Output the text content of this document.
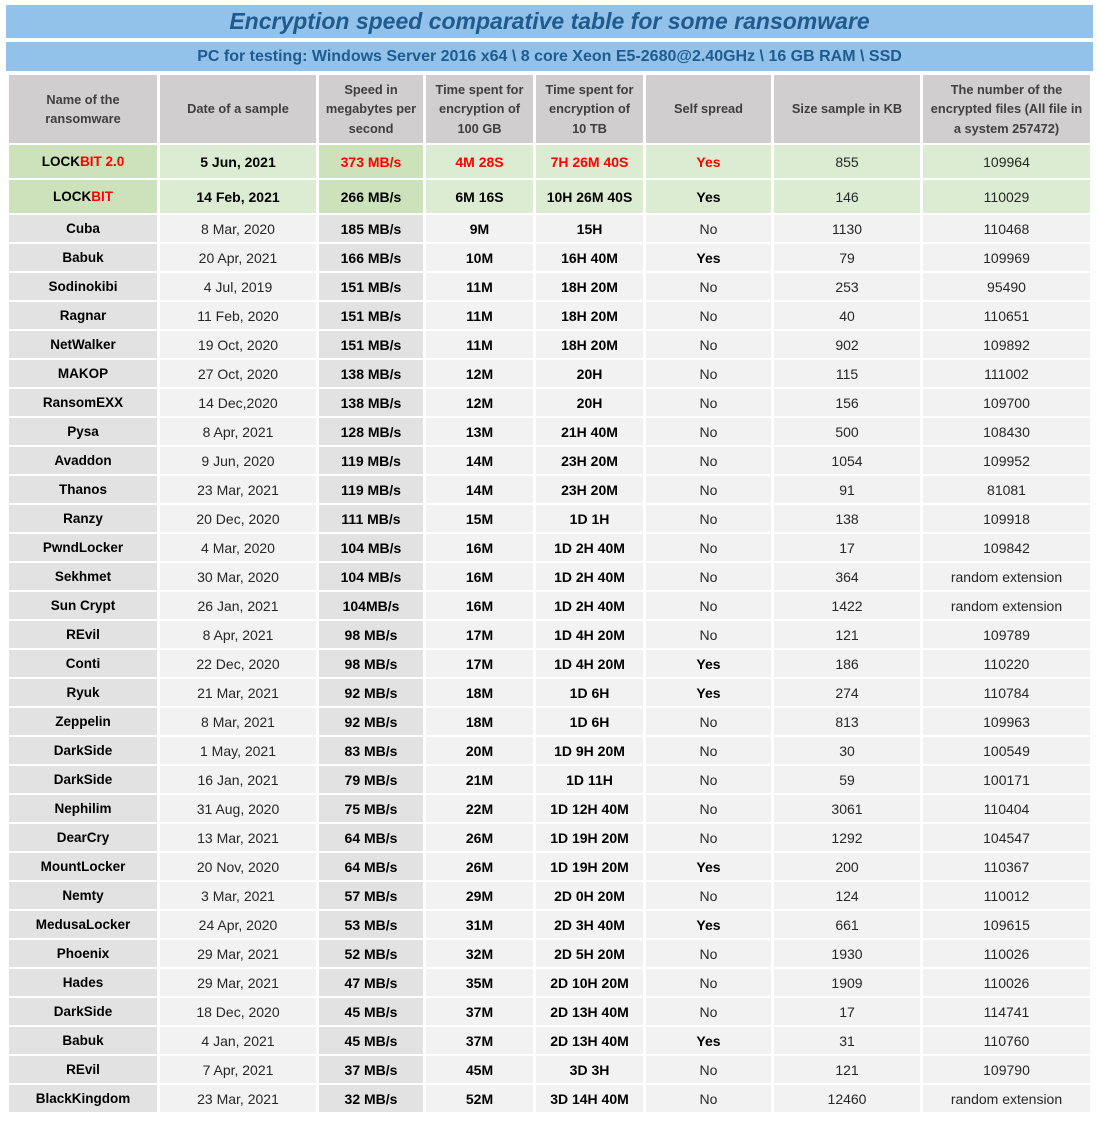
Encryption speed comparative table for some ransomware
PC for testing: Windows Server 2016 x64 \ 8 core Xeon E5-2680@2.40GHz \ 16 GB RAM \ SSD
Name of the ransomware	Date of a sample	Speed in megabytes per second	Time spent for encryption of 100 GB	Time spent for encryption of 10 TB	Self spread	Size sample in KB	The number of the encrypted files (All file in a system 257472)
LOCKBIT 2.0	5 Jun, 2021	373 MB/s	4M 28S	7H 26M 40S	Yes	855	109964
LOCKBIT	14 Feb, 2021	266 MB/s	6M 16S	10H 26M 40S	Yes	146	110029
Cuba	8 Mar, 2020	185 MB/s	9M	15H	No	1130	110468
Babuk	20 Apr, 2021	166 MB/s	10M	16H 40M	Yes	79	109969
Sodinokibi	4 Jul, 2019	151 MB/s	11M	18H 20M	No	253	95490
Ragnar	11 Feb, 2020	151 MB/s	11M	18H 20M	No	40	110651
NetWalker	19 Oct, 2020	151 MB/s	11M	18H 20M	No	902	109892
MAKOP	27 Oct, 2020	138 MB/s	12M	20H	No	115	111002
RansomEXX	14 Dec,2020	138 MB/s	12M	20H	No	156	109700
Pysa	8 Apr, 2021	128 MB/s	13M	21H 40M	No	500	108430
Avaddon	9 Jun, 2020	119 MB/s	14M	23H 20M	No	1054	109952
Thanos	23 Mar, 2021	119 MB/s	14M	23H 20M	No	91	81081
Ranzy	20 Dec, 2020	111 MB/s	15M	1D 1H	No	138	109918
PwndLocker	4 Mar, 2020	104 MB/s	16M	1D 2H 40M	No	17	109842
Sekhmet	30 Mar, 2020	104 MB/s	16M	1D 2H 40M	No	364	random extension
Sun Crypt	26 Jan, 2021	104MB/s	16M	1D 2H 40M	No	1422	random extension
REvil	8 Apr, 2021	98 MB/s	17M	1D 4H 20M	No	121	109789
Conti	22 Dec, 2020	98 MB/s	17M	1D 4H 20M	Yes	186	110220
Ryuk	21 Mar, 2021	92 MB/s	18M	1D 6H	Yes	274	110784
Zeppelin	8 Mar, 2021	92 MB/s	18M	1D 6H	No	813	109963
DarkSide	1 May, 2021	83 MB/s	20M	1D 9H 20M	No	30	100549
DarkSide	16 Jan, 2021	79 MB/s	21M	1D 11H	No	59	100171
Nephilim	31 Aug, 2020	75 MB/s	22M	1D 12H 40M	No	3061	110404
DearCry	13 Mar, 2021	64 MB/s	26M	1D 19H 20M	No	1292	104547
MountLocker	20 Nov, 2020	64 MB/s	26M	1D 19H 20M	Yes	200	110367
Nemty	3 Mar, 2021	57 MB/s	29M	2D 0H 20M	No	124	110012
MedusaLocker	24 Apr, 2020	53 MB/s	31M	2D 3H 40M	Yes	661	109615
Phoenix	29 Mar, 2021	52 MB/s	32M	2D 5H 20M	No	1930	110026
Hades	29 Mar, 2021	47 MB/s	35M	2D 10H 20M	No	1909	110026
DarkSide	18 Dec, 2020	45 MB/s	37M	2D 13H 40M	No	17	114741
Babuk	4 Jan, 2021	45 MB/s	37M	2D 13H 40M	Yes	31	110760
REvil	7 Apr, 2021	37 MB/s	45M	3D 3H	No	121	109790
BlackKingdom	23 Mar, 2021	32 MB/s	52M	3D 14H 40M	No	12460	random extension
